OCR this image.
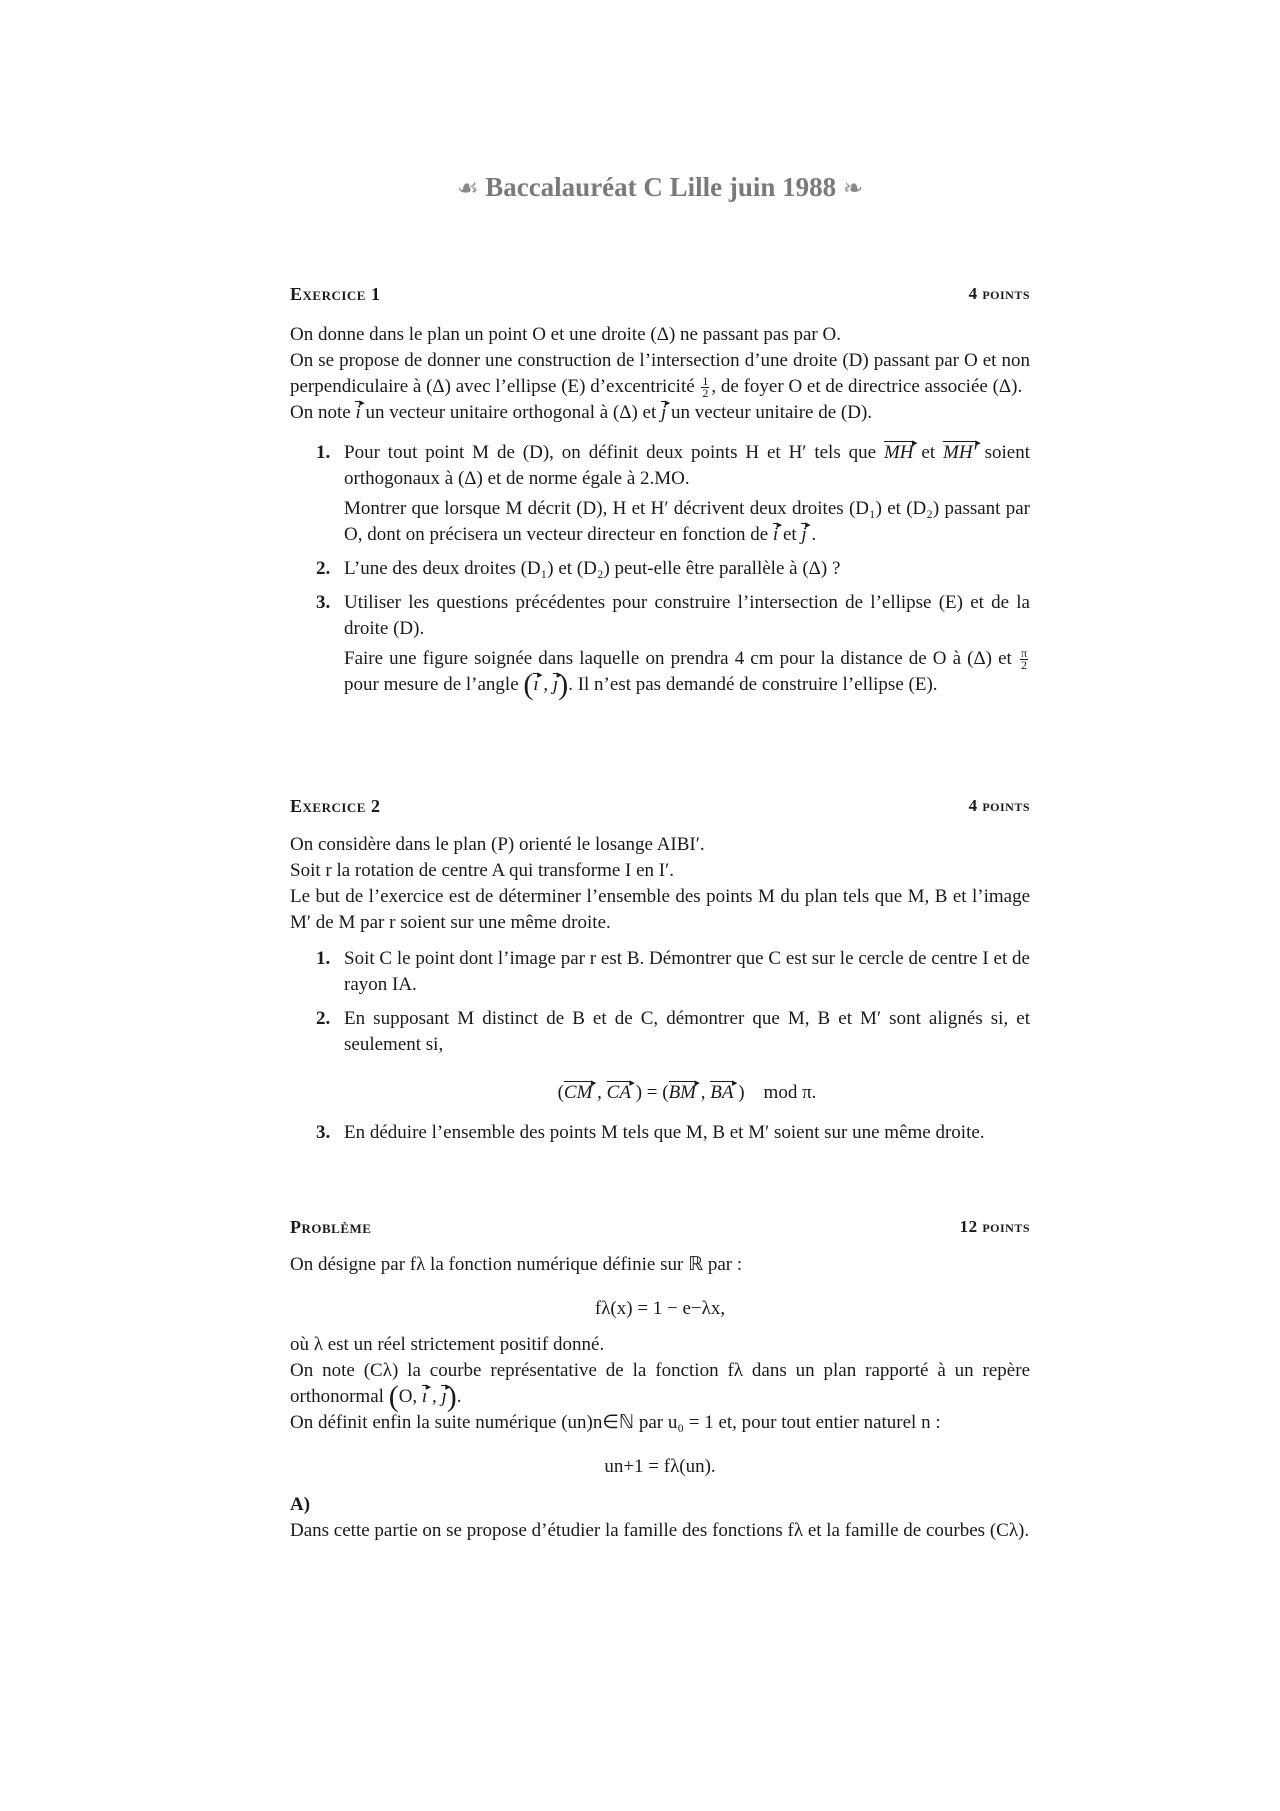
☙ Baccalauréat C Lille juin 1988 ❧
Exercice 1	4 points

On donne dans le plan un point O et une droite (Δ) ne passant pas par O.

On se propose de donner une construction de l’intersection d’une droite (D) passant par O et non perpendiculaire à (Δ) avec l’ellipse (E) d’excentricité $\frac{1}{2}$ , de foyer O et de directrice associée (Δ).

On note i ▸ un vecteur unitaire orthogonal à (Δ) et j ▸ un vecteur unitaire de (D).

1. Pour tout point M de (D), on définit deux points H et H′ tels que MH ▸ et MH′ ▸ soient orthogonaux à (Δ) et de norme égale à 2.MO.
Montrer que lorsque M décrit (D), H et H′ décrivent deux droites (D₁) et (D₂) passant par O, dont on précisera un vecteur directeur en fonction de i ▸ et j ▸ .
2. L’une des deux droites (D₁) et (D₂) peut-elle être parallèle à (Δ) ?
3. Utiliser les questions précédentes pour construire l’intersection de l’ellipse (E) et de la droite (D).
Faire une figure soignée dans laquelle on prendra 4 cm pour la distance de O à (Δ) et $\frac{\pi}{2}$
pour mesure de l’angle (ı ▸ , ȷ ▸). Il n’est pas demandé de construire l’ellipse (E).
Exercice 2	4 points

On considère dans le plan (P) orienté le losange AIBI′.

Soit r la rotation de centre A qui transforme I en I′.

Le but de l’exercice est de déterminer l’ensemble des points M du plan tels que M, B et l’image M′ de M par r soient sur une même droite.

1. Soit C le point dont l’image par r est B. Démontrer que C est sur le cercle de centre I et de rayon IA.
2. En supposant M distinct de B et de C, démontrer que M, B et M′ sont alignés si, et seulement si,
(CM ▸ , CA ▸ ) = (BM ▸ , BA ▸ )    mod π.
3. En déduire l’ensemble des points M tels que M, B et M′ soient sur une même droite.
Problème	12 points

On désigne par fλ la fonction numérique définie sur ℝ par :

fλ(x) = 1 − e−λx,

où λ est un réel strictement positif donné.

On note (Cλ) la courbe représentative de la fonction fλ dans un plan rapporté à un repère orthonormal (O, ı ▸ , ȷ ▸).

On définit enfin la suite numérique (un)n∈ℕ par u₀ = 1 et, pour tout entier naturel n :

un+1 = fλ(un).

A)

Dans cette partie on se propose d’étudier la famille des fonctions fλ et la famille de courbes (Cλ).
